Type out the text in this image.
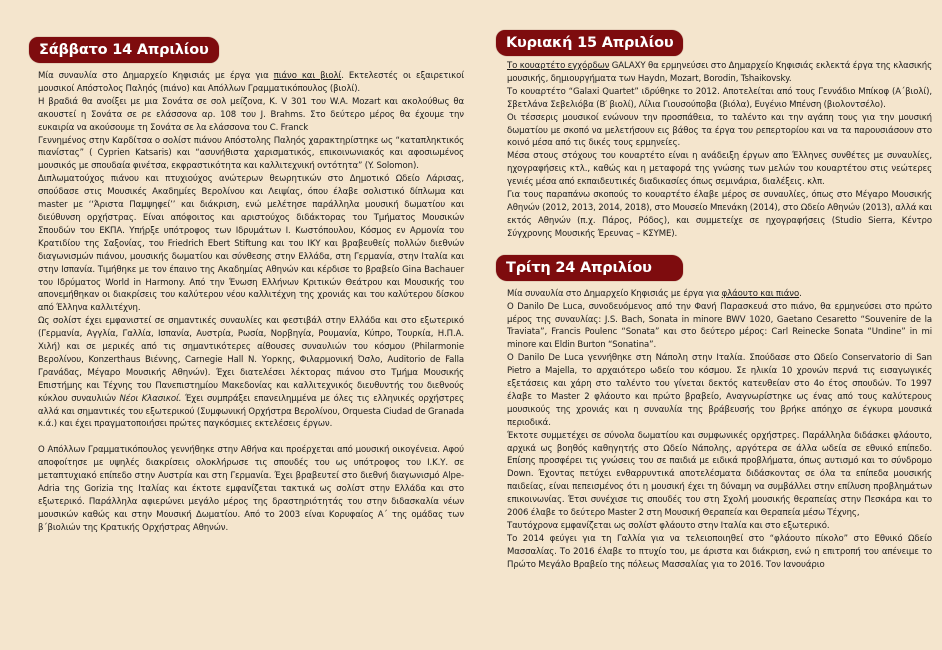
Σάββατο 14 Απριλίου

Μία συναυλία στο Δημαρχείο Κηφισιάς με έργα για πιάνο και βιολί. Εκτελεστές οι εξαιρετικοί μουσικοί Απόστολος Παληός (πιάνο) και Απόλλων Γραμματικόπουλος (βιολί).

Η βραδιά θα ανοίξει με μια Σονάτα σε σολ μείζονα, Κ. V 301 του W.A. Mozart και ακολούθως θα ακουστεί η Σονάτα σε ρε ελάσσονα αρ. 108 του J. Brahms. Στο δεύτερο μέρος θα έχουμε την ευκαιρία να ακούσουμε τη Σονάτα σε λα ελάσσονα του C. Franck

Γεννημένος στην Καρδίτσα ο σολίστ πιάνου Απόστολης Παληός χαρακτηρίστηκε ως “καταπληκτικός πιανίστας” ( Cyprien Katsaris) και “ασυνήθιστα χαρισματικός, επικοινωνιακός και αφοσιωμένος μουσικός με σπουδαία φινέτσα, εκφραστικότητα και καλλιτεχνική οντότητα” (Y. Solomon).

Διπλωματούχος πιάνου και πτυχιούχος ανώτερων θεωρητικών στο Δημοτικό Ωδείο Λάρισας, σπούδασε στις Μουσικές Ακαδημίες Βερολίνου και Λειψίας, όπου έλαβε σολιστικό δίπλωμα και master με ‘‘Άριστα Παμψηφεί’’ και διάκριση, ενώ μελέτησε παράλληλα μουσική δωματίου και διεύθυνση ορχήστρας. Είναι απόφοιτος και αριστούχος διδάκτορας του Τμήματος Μουσικών Σπουδών του ΕΚΠΑ. Υπήρξε υπότροφος των Ιδρυμάτων Ι. Κωστόπουλου, Κόσμος εν Αρμονία του Κρατιδίου της Σαξονίας, του Friedrich Ebert Stiftung και του ΙΚΥ και βραβευθείς πολλών διεθνών διαγωνισμών πιάνου, μουσικής δωματίου και σύνθεσης στην Ελλάδα, στη Γερμανία, στην Ιταλία και στην Ισπανία. Τιμήθηκε με τον έπαινο της Ακαδημίας Αθηνών και κέρδισε το βραβείο Gina Bachauer του Ιδρύματος World in Harmony. Από την Ένωση Ελλήνων Κριτικών Θεάτρου και Μουσικής του απονεμήθηκαν οι διακρίσεις του καλύτερου νέου καλλιτέχνη της χρονιάς και του καλύτερου δίσκου από Έλληνα καλλιτέχνη.

Ως σολίστ έχει εμφανιστεί σε σημαντικές συναυλίες και φεστιβάλ στην Ελλάδα και στο εξωτερικό (Γερμανία, Αγγλία, Γαλλία, Ισπανία, Αυστρία, Ρωσία, Νορβηγία, Ρουμανία, Κύπρο, Τουρκία, Η.Π.Α. Χιλή) και σε μερικές από τις σημαντικότερες αίθουσες συναυλιών του κόσμου (Philarmonie Βερολίνου, Konzerthaus Βιέννης, Carnegie Hall Ν. Υορκης, Φιλαρμονική Όσλο, Auditorio de Falla Γρανάδας, Μέγαρο Μουσικής Αθηνών). Έχει διατελέσει λέκτορας πιάνου στο Τμήμα Μουσικής Επιστήμης και Τέχνης του Πανεπιστημίου Μακεδονίας και καλλιτεχνικός διευθυντής του διεθνούς κύκλου συναυλιών Νέοι Κλασικοί. Έχει συμπράξει επανειλημμένα με όλες τις ελληνικές ορχήστρες αλλά και σημαντικές του εξωτερικού (Συμφωνική Ορχήστρα Βερολίνου, Orquesta Ciudad de Granada κ.ά.) και έχει πραγματοποιήσει πρώτες παγκόσμιες εκτελέσεις έργων.

Ο Απόλλων Γραμματικόπουλος γεννήθηκε στην Αθήνα και προέρχεται από μουσική οικογένεια. Αφού αποφοίτησε με υψηλές διακρίσεις ολοκλήρωσε τις σπουδές του ως υπότροφος του Ι.Κ.Υ. σε μεταπτυχιακό επίπεδο στην Αυστρία και στη Γερμανία. Έχει βραβευτεί στο διεθνή διαγωνισμό Alpe-Adria της Gorizia της Ιταλίας και έκτοτε εμφανίζεται τακτικά ως σολίστ στην Ελλάδα και στο εξωτερικό. Παράλληλα αφιερώνει μεγάλο μέρος της δραστηριότητάς του στην διδασκαλία νέων μουσικών καθώς και στην Μουσική Δωματίου. Από το 2003 είναι Κορυφαίος Α΄ της ομάδας των β΄βιολιών της Κρατικής Ορχήστρας Αθηνών.

Κυριακή 15 Απριλίου

Το κουαρτέτο εγχόρδων GALAXY θα ερμηνεύσει στο Δημαρχείο Κηφισιάς εκλεκτά έργα της κλασικής μουσικής, δημιουργήματα των Haydn, Mozart, Borodin, Tshaikovsky.

Το κουαρτέτο “Galaxi Quartet” ιδρύθηκε το 2012. Αποτελείται από τους Γεννάδιο Μπίκοφ (Α΄βιολί), Σβετλάνα Σεβελιόβα (Β′ βιολί), Λίλια Γιουσούποβα (βιόλα), Ευγένιο Μπένση (βιολοντσέλο).

Οι τέσσερις μουσικοί ενώνουν την προσπάθεια, το ταλέντο και την αγάπη τους για την μουσική δωματίου με σκοπό να μελετήσουν εις βάθος τα έργα του ρεπερτορίου και να τα παρουσιάσουν στο κοινό μέσα από τις δικές τους ερμηνείες.

Μέσα στους στόχους του κουαρτέτο είναι η ανάδειξη έργων απο Έλληνες συνθέτες με συναυλίες, ηχογραφήσεις κτλ., καθώς και η μεταφορά της γνώσης των μελών του κουαρτέτου στις νεώτερες γενιές μέσα από εκπαιδευτικές διαδικασίες όπως σεμινάρια, διαλέξεις. κλπ.

Για τους παραπάνω σκοπούς το κουαρτέτο έλαβε μέρος σε συναυλίες, όπως στο Μέγαρο Μουσικής Αθηνών (2012, 2013, 2014, 2018), στο Μουσείο Μπενάκη (2014), στο Ωδείο Αθηνών (2013), αλλά και εκτός Αθηνών (π.χ. Πάρος, Ρόδος), και συμμετείχε σε ηχογραφήσεις (Studio Sierra, Κέντρο Σύγχρονης Μουσικής Έρευνας – ΚΣΥΜΕ).

Τρίτη 24 Απριλίου

Μία συναυλία στο Δημαρχείο Κηφισιάς με έργα για φλάουτο και πιάνο.

Ο Danilo De Luca, συνοδευόμενος από την Φανή Παρασκευά στο πιάνο, θα ερμηνεύσει στο πρώτο μέρος της συναυλίας: J.S. Bach, Sonata in minore BWV 1020, Gaetano Cesaretto “Souvenire de la Traviata”, Francis Poulenc “Sonata” και στο δεύτερο μέρος: Carl Reinecke Sonata “Undine” in mi minore και Eldin Burton “Sonatina”.

Ο Danilo De Luca γεννήθηκε στη Νάπολη στην Ιταλία. Σπούδασε στο Ωδείο Conservatorio di San Pietro a Majella, το αρχαιότερο ωδείο του κόσμου. Σε ηλικία 10 χρονών περνά τις εισαγωγικές εξετάσεις και χάρη στο ταλέντο του γίνεται δεκτός κατευθείαν στο 4ο έτος σπουδών. Το 1997 έλαβε το Master 2 φλάουτο και πρώτο βραβείο, Αναγνωρίστηκε ως ένας από τους καλύτερους μουσικούς της χρονιάς και η συναυλία της βράβευσής του βρήκε απόηχο σε έγκυρα μουσικά περιοδικά.

Έκτοτε συμμετέχει σε σύνολα δωματίου και συμφωνικές ορχήστρες. Παράλληλα διδάσκει φλάουτο, αρχικά ως βοηθός καθηγητής στο Ωδείο Νάπολης, αργότερα σε άλλα ωδεία σε εθνικό επίπεδο. Επίσης προσφέρει τις γνώσεις του σε παιδιά με ειδικά προβλήματα, όπως αυτισμό και το σύνδρομο Down. Έχοντας πετύχει ενθαρρυντικά αποτελέσματα διδάσκοντας σε όλα τα επίπεδα μουσικής παιδείας, είναι πεπεισμένος ότι η μουσική έχει τη δύναμη να συμβάλλει στην επίλυση προβλημάτων επικοινωνίας. Έτσι συνέχισε τις σπουδές του στη Σχολή μουσικής θεραπείας στην Πεσκάρα και το 2006 έλαβε το δεύτερο Master 2 στη Μουσική Θεραπεία και Θεραπεία μέσω Τέχνης,

Ταυτόχρονα εμφανίζεται ως σολίστ φλάουτο στην Ιταλία και στο εξωτερικό.

Το 2014 φεύγει για τη Γαλλία για να τελειοποιηθεί στο “φλάουτο πίκολο” στο Εθνικό Ωδείο Μασσαλίας. Το 2016 έλαβε το πτυχίο του, με άριστα και διάκριση, ενώ η επιτροπή του απένειμε το Πρώτο Μεγάλο Βραβείο της πόλεως Μασσαλίας για το 2016. Τον Ιανουάριο
